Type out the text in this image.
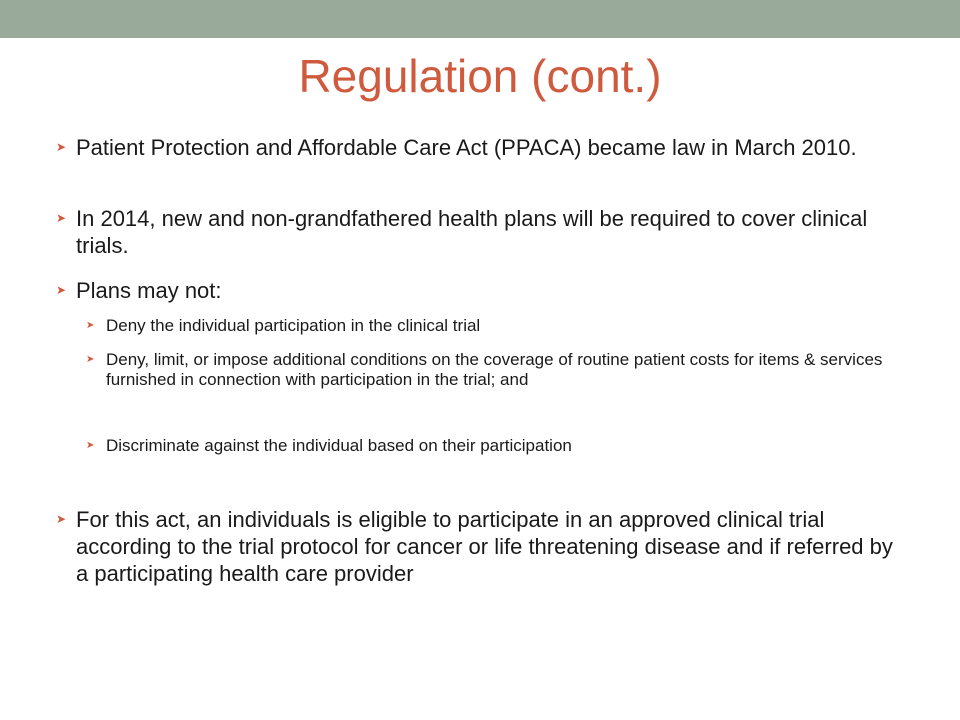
Regulation (cont.)
➤ Patient Protection and Affordable Care Act (PPACA) became law in March 2010.
➤ In 2014, new and non-grandfathered health plans will be required to cover clinical trials.
➤ Plans may not:
➤ Deny the individual participation in the clinical trial
➤ Deny, limit, or impose additional conditions on the coverage of routine patient costs for items & services furnished in connection with participation in the trial; and
➤ Discriminate against the individual based on their participation
➤ For this act, an individuals is eligible to participate in an approved clinical trial according to the trial protocol for cancer or life threatening disease and if referred by a participating health care provider
